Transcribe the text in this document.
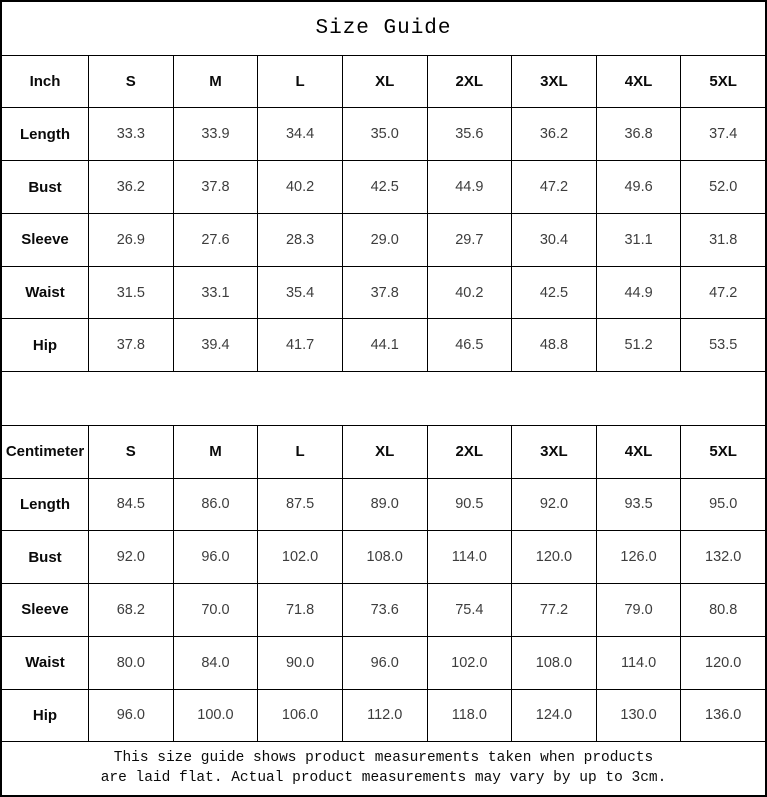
Size Guide
Inch	S	M	L	XL	2XL	3XL	4XL	5XL
Length	33.3	33.9	34.4	35.0	35.6	36.2	36.8	37.4
Bust	36.2	37.8	40.2	42.5	44.9	47.2	49.6	52.0
Sleeve	26.9	27.6	28.3	29.0	29.7	30.4	31.1	31.8
Waist	31.5	33.1	35.4	37.8	40.2	42.5	44.9	47.2
Hip	37.8	39.4	41.7	44.1	46.5	48.8	51.2	53.5
Centimeter	S	M	L	XL	2XL	3XL	4XL	5XL
Length	84.5	86.0	87.5	89.0	90.5	92.0	93.5	95.0
Bust	92.0	96.0	102.0	108.0	114.0	120.0	126.0	132.0
Sleeve	68.2	70.0	71.8	73.6	75.4	77.2	79.0	80.8
Waist	80.0	84.0	90.0	96.0	102.0	108.0	114.0	120.0
Hip	96.0	100.0	106.0	112.0	118.0	124.0	130.0	136.0
This size guide shows product measurements taken when products
are laid flat. Actual product measurements may vary by up to 3cm.
